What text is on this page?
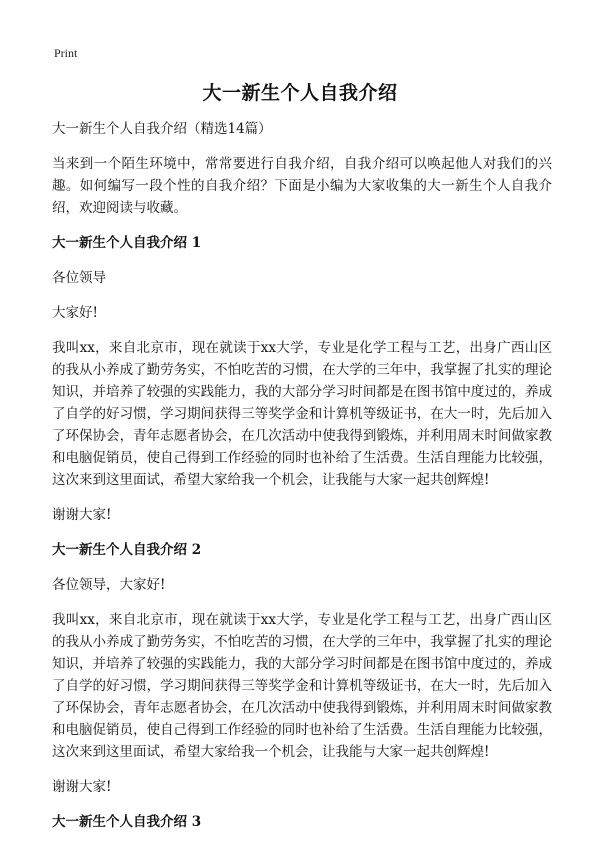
Print
大一新生个人自我介绍
大一新生个人自我介绍（精选14篇）
当来到一个陌生环境中，常常要进行自我介绍，自我介绍可以唤起他人对我们的兴趣。如何编写一段个性的自我介绍？下面是小编为大家收集的大一新生个人自我介绍，欢迎阅读与收藏。
大一新生个人自我介绍 1
各位领导
大家好!
我叫xx，来自北京市，现在就读于xx大学，专业是化学工程与工艺，出身广西山区的我从小养成了勤劳务实，不怕吃苦的习惯，在大学的三年中，我掌握了扎实的理论知识，并培养了较强的实践能力，我的大部分学习时间都是在图书馆中度过的，养成了自学的好习惯，学习期间获得三等奖学金和计算机等级证书，在大一时，先后加入了环保协会，青年志愿者协会，在几次活动中使我得到锻炼，并利用周末时间做家教和电脑促销员，使自己得到工作经验的同时也补给了生活费。生活自理能力比较强，这次来到这里面试，希望大家给我一个机会，让我能与大家一起共创辉煌!
谢谢大家!
大一新生个人自我介绍 2
各位领导，大家好!
我叫xx，来自北京市，现在就读于xx大学，专业是化学工程与工艺，出身广西山区的我从小养成了勤劳务实，不怕吃苦的习惯，在大学的三年中，我掌握了扎实的理论知识，并培养了较强的实践能力，我的大部分学习时间都是在图书馆中度过的，养成了自学的好习惯，学习期间获得三等奖学金和计算机等级证书，在大一时，先后加入了环保协会，青年志愿者协会，在几次活动中使我得到锻炼，并利用周末时间做家教和电脑促销员，使自己得到工作经验的同时也补给了生活费。生活自理能力比较强，这次来到这里面试，希望大家给我一个机会，让我能与大家一起共创辉煌!
谢谢大家!
大一新生个人自我介绍 3
